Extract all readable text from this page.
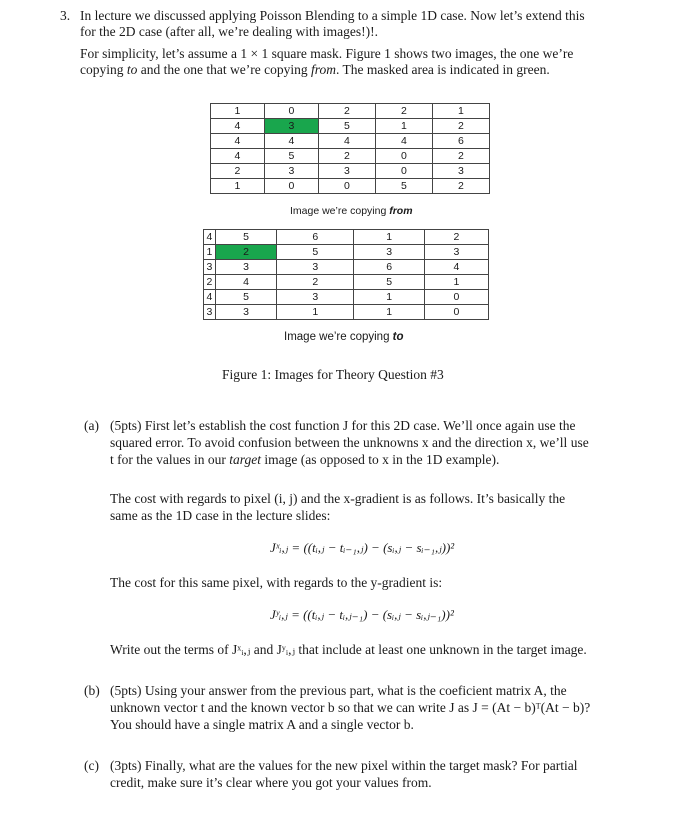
3. In lecture we discussed applying Poisson Blending to a simple 1D case. Now let’s extend this
for the 2D case (after all, we’re dealing with images!)!.
For simplicity, let’s assume a 1 × 1 square mask. Figure 1 shows two images, the one we’re
copying to and the one that we’re copying from. The masked area is indicated in green.
1	0	2	2	1
4	3	5	1	2
4	4	4	4	6
4	5	2	0	2
2	3	3	0	3
1	0	0	5	2
Image we’re copying from
4	5	6	1	2
1	2	5	3	3
3	3	3	6	4
2	4	2	5	1
4	5	3	1	0
3	3	1	1	0
Image we’re copying to
Figure 1: Images for Theory Question #3
(a) (5pts) First let’s establish the cost function J for this 2D case. We’ll once again use the
squared error. To avoid confusion between the unknowns x and the direction x, we’ll use
t for the values in our target image (as opposed to x in the 1D example).
The cost with regards to pixel (i, j) and the x-gradient is as follows. It’s basically the
same as the 1D case in the lecture slides:
Jˣᵢ,ⱼ = ((tᵢ,ⱼ − tᵢ₋₁,ⱼ) − (sᵢ,ⱼ − sᵢ₋₁,ⱼ))²
The cost for this same pixel, with regards to the y-gradient is:
Jʸᵢ,ⱼ = ((tᵢ,ⱼ − tᵢ,ⱼ₋₁) − (sᵢ,ⱼ − sᵢ,ⱼ₋₁))²
Write out the terms of Jˣᵢ,ⱼ and Jʸᵢ,ⱼ that include at least one unknown in the target image.
(b) (5pts) Using your answer from the previous part, what is the coeficient matrix A, the
unknown vector t and the known vector b so that we can write J as J = (At − b)ᵀ(At − b)?
You should have a single matrix A and a single vector b.
(c) (3pts) Finally, what are the values for the new pixel within the target mask? For partial
credit, make sure it’s clear where you got your values from.
